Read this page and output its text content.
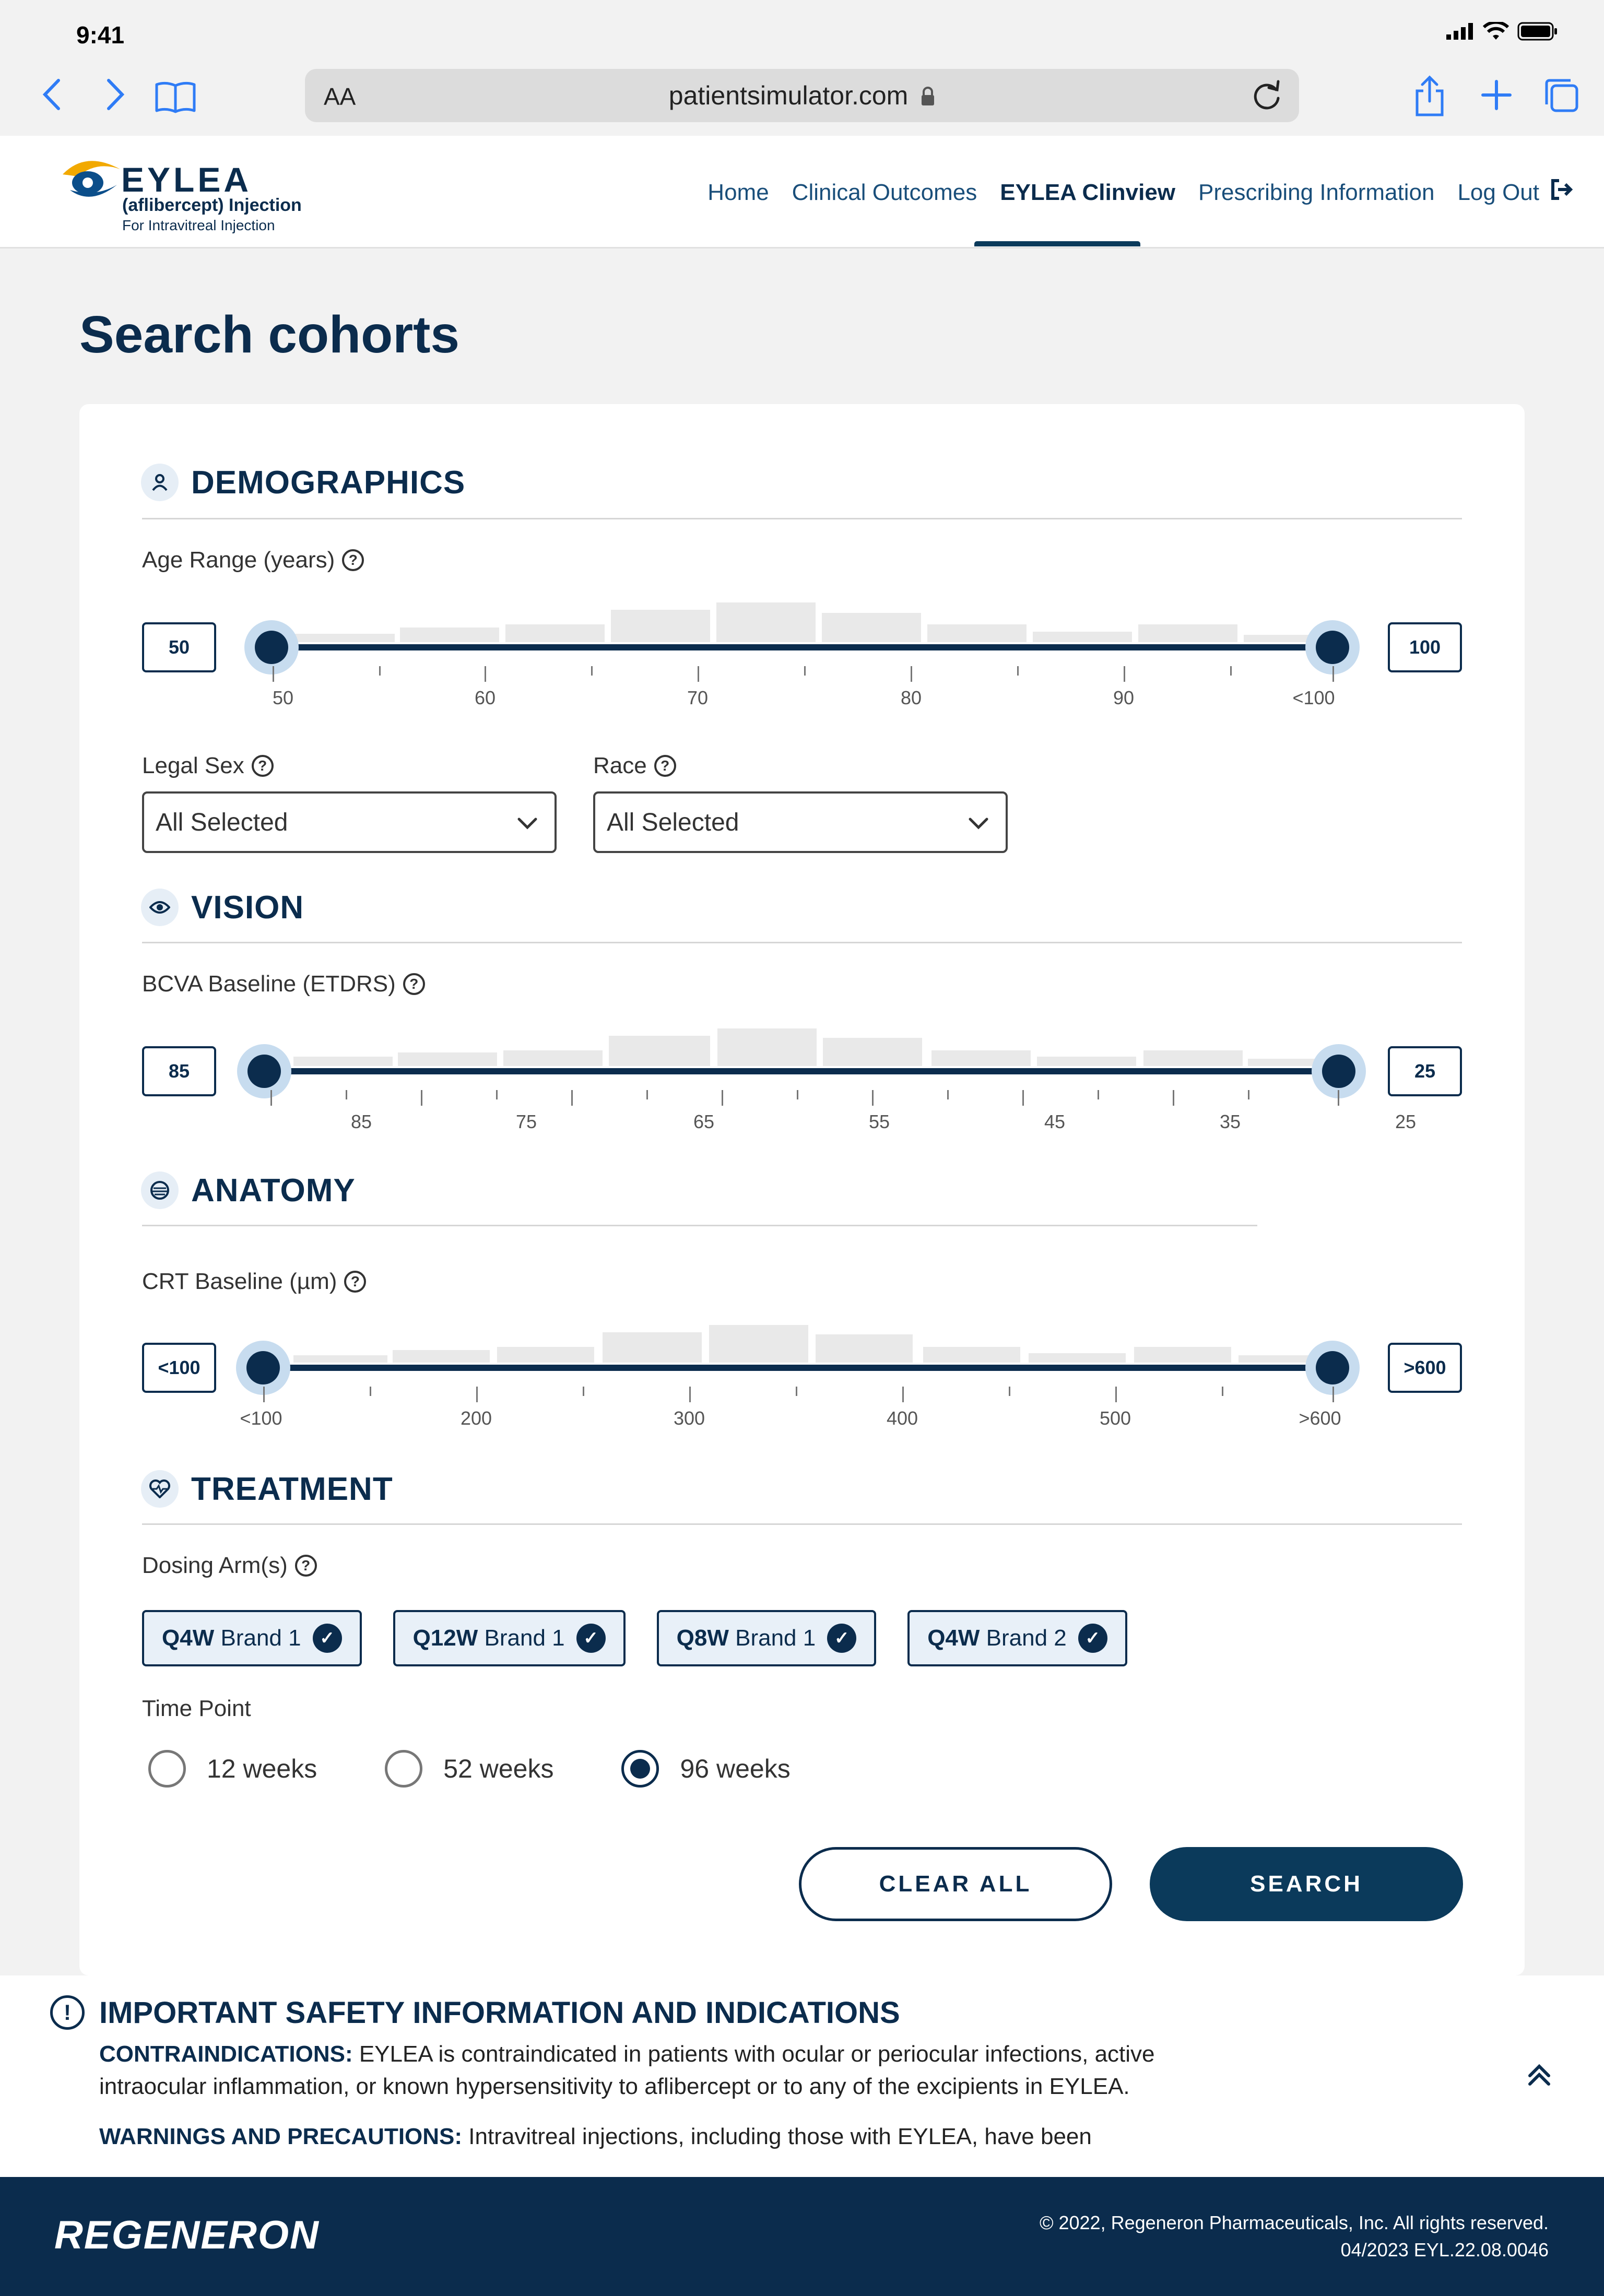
9:41
AA	patientsimulator.com
EYLEA
(aflibercept) Injection
For Intravitreal Injection
Home Clinical Outcomes EYLEA Clinview Prescribing Information Log Out
Search cohorts
DEMOGRAPHICS
Age Range (years) ?
50	100
50	60	70	80	90	<100
Legal Sex ?
All Selected
Race ?
All Selected
VISION
BCVA Baseline (ETDRS) ?
85	25
85	75	65	55	45	35	25
ANATOMY
CRT Baseline (µm) ?
<100	>600
<100	200	300	400	500	>600
TREATMENT
Dosing Arm(s) ?
Q4W Brand 1	✓	Q12W Brand 1	✓	Q8W Brand 1	✓	Q4W Brand 2	✓
Time Point
12 weeks	52 weeks	96 weeks
CLEAR ALL	SEARCH
! IMPORTANT SAFETY INFORMATION AND INDICATIONS
CONTRAINDICATIONS: EYLEA is contraindicated in patients with ocular or periocular infections, active
intraocular inflammation, or known hypersensitivity to aflibercept or to any of the excipients in EYLEA.
WARNINGS AND PRECAUTIONS: Intravitreal injections, including those with EYLEA, have been
REGENERON	© 2022, Regeneron Pharmaceuticals, Inc. All rights reserved.
04/2023 EYL.22.08.0046
